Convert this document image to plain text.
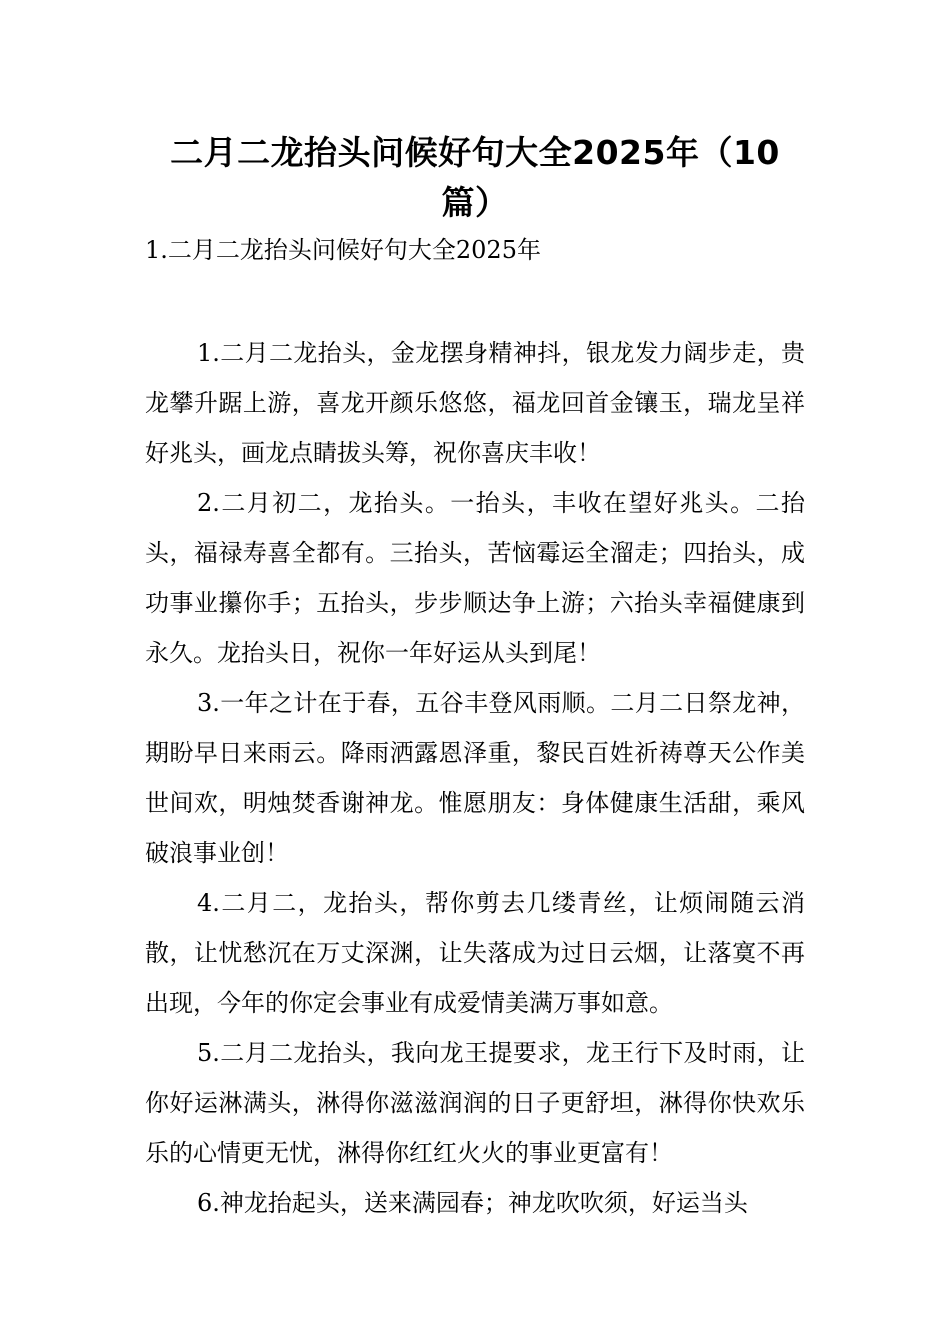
二月二龙抬头问候好句大全2025年（10篇）
1.二月二龙抬头问候好句大全2025年

1.二月二龙抬头，金龙摆身精神抖，银龙发力阔步走，贵龙攀升踞上游，喜龙开颜乐悠悠，福龙回首金镶玉，瑞龙呈祥好兆头，画龙点睛拔头筹，祝你喜庆丰收！

2.二月初二，龙抬头。一抬头，丰收在望好兆头。二抬头，福禄寿喜全都有。三抬头，苦恼霉运全溜走；四抬头，成功事业攥你手；五抬头，步步顺达争上游；六抬头幸福健康到永久。龙抬头日，祝你一年好运从头到尾！

3.一年之计在于春，五谷丰登风雨顺。二月二日祭龙神，期盼早日来雨云。降雨洒露恩泽重，黎民百姓祈祷尊天公作美世间欢，明烛焚香谢神龙。惟愿朋友：身体健康生活甜，乘风破浪事业创！

4.二月二，龙抬头，帮你剪去几缕青丝，让烦闹随云消散，让忧愁沉在万丈深渊，让失落成为过日云烟，让落寞不再出现，今年的你定会事业有成爱情美满万事如意。

5.二月二龙抬头，我向龙王提要求，龙王行下及时雨，让你好运淋满头，淋得你滋滋润润的日子更舒坦，淋得你快欢乐乐的心情更无忧，淋得你红红火火的事业更富有！

6.神龙抬起头，送来满园春；神龙吹吹须，好运当头
